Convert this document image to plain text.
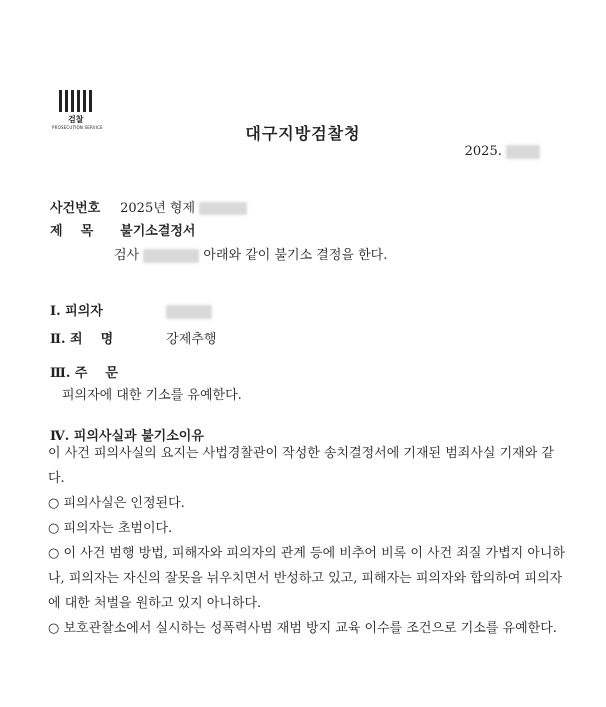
검찰
PROSECUTION SERVICE	대구지방검찰청
2025.
사건번호 2025년 형제
제    목 불기소결정서
검사	아래와 같이 불기소 결정을 한다.
Ⅰ. 피의자
Ⅱ. 죄    명	강제추행
Ⅲ. 주    문
피의자에 대한 기소를 유예한다.
Ⅳ. 피의사실과 불기소이유
이 사건 피의사실의 요지는 사법경찰관이 작성한 송치결정서에 기재된 범죄사실 기재와 같다.
○ 피의사실은 인정된다.
○ 피의자는 초범이다.
○ 이 사건 범행 방법, 피해자와 피의자의 관계 등에 비추어 비록 이 사건 죄질 가볍지 아니하나, 피의자는 자신의 잘못을 뉘우치면서 반성하고 있고, 피해자는 피의자와 합의하여 피의자에 대한 처벌을 원하고 있지 아니하다.
○ 보호관찰소에서 실시하는 성폭력사범 재범 방지 교육 이수를 조건으로 기소를 유예한다.
